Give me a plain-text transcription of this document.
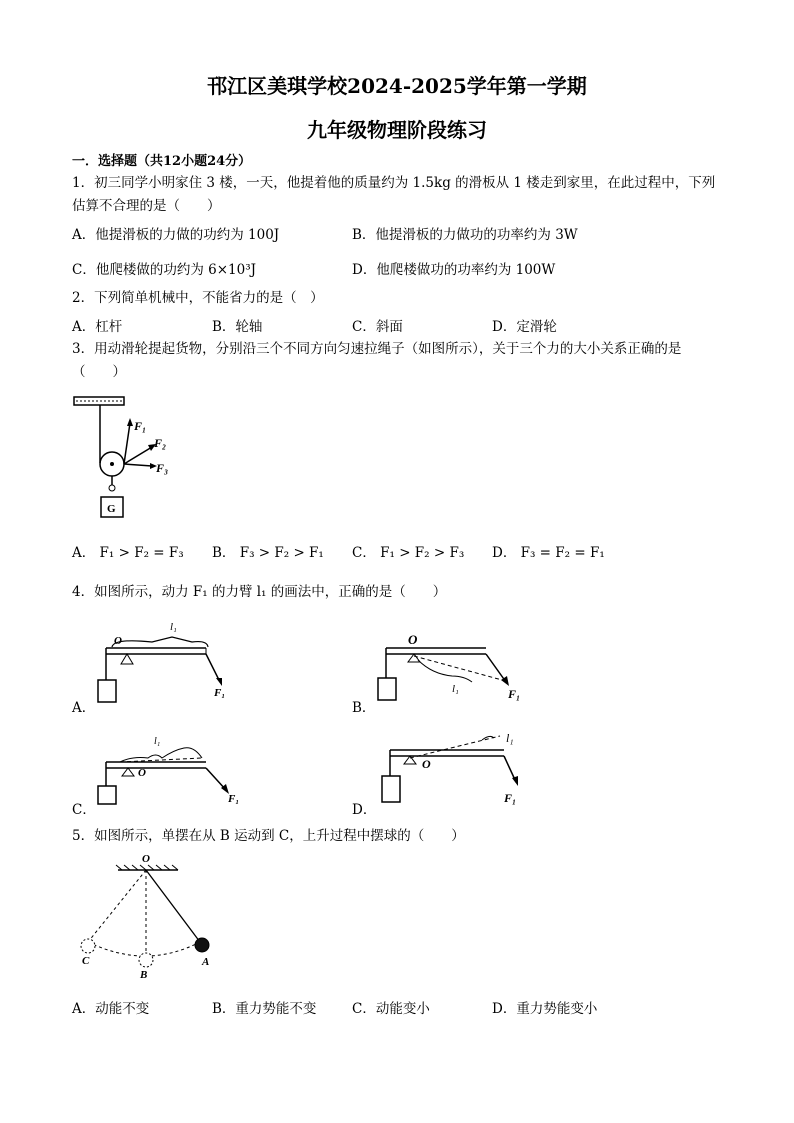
邗江区美琪学校2024-2025学年第一学期
九年级物理阶段练习
一．选择题（共12小题24分）
1．初三同学小明家住 3 楼，一天，他提着他的质量约为 1.5kg 的滑板从 1 楼走到家里，在此过程中，下列
估算不合理的是（　　）
A．他提滑板的力做的功约为 100J	B．他提滑板的力做功的功率约为 3W
C．他爬楼做的功约为 6×10³J	D．他爬楼做功的功率约为 100W
2．下列简单机械中，不能省力的是（　）
A．杠杆	B．轮轴	C．斜面	D．定滑轮
3．用动滑轮提起货物，分别沿三个不同方向匀速拉绳子（如图所示），关于三个力的大小关系正确的是
（　　）
F₁
F₂
F₃
G
A． F₁ > F₂ = F₃ B． F₃ > F₂ > F₁ C． F₁ > F₂ > F₃ D． F₃ = F₂ = F₁
4．如图所示，动力 F₁ 的力臂 l₁ 的画法中，正确的是（　　）
A．
l₁
O
F₁
B．
O
l₁	F₁
C．
l₁
O
F₁
D．
O
l₁
F₁
5．如图所示，单摆在从 B 运动到 C，上升过程中摆球的（　　）
O
C
B
A
A．动能不变	B．重力势能不变	C．动能变小	D．重力势能变小
